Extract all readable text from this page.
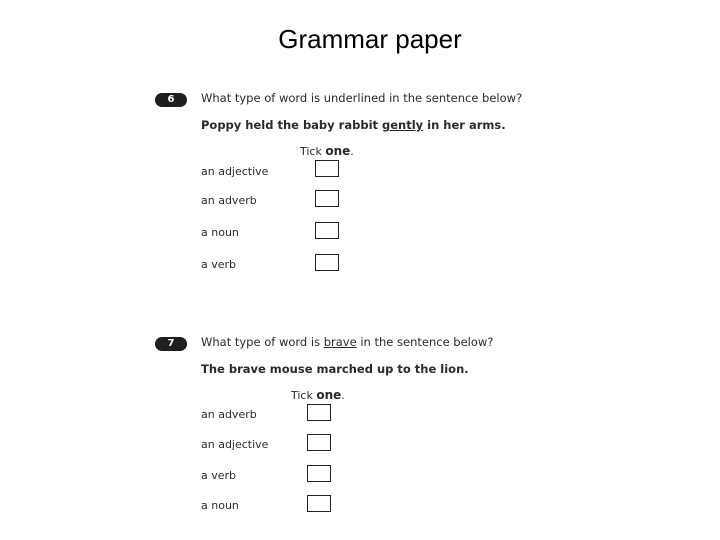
Grammar paper
6	What type of word is underlined in the sentence below?
Poppy held the baby rabbit gently in her arms.
Tick one.
an adjective
an adverb
a noun
a verb
7	What type of word is brave in the sentence below?
The brave mouse marched up to the lion.
Tick one.
an adverb
an adjective
a verb
a noun
